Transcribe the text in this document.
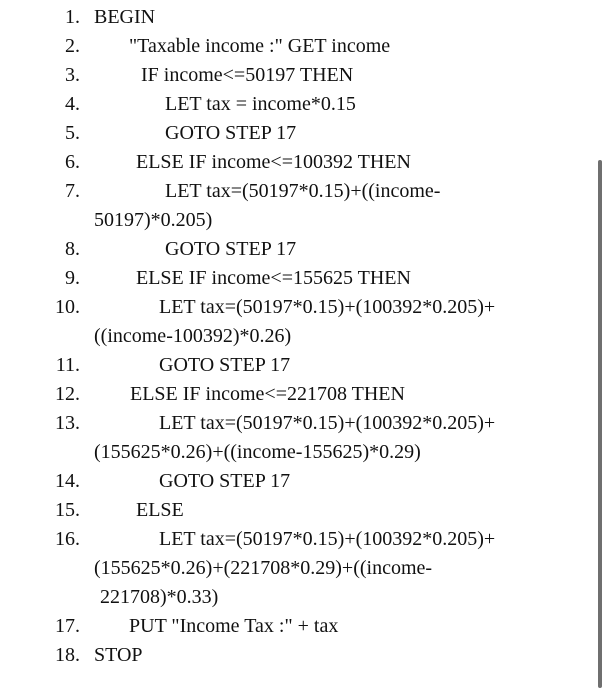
1. BEGIN

2. "Taxable income :" GET income

3.	IF income<=50197 THEN

4.	LET tax = income*0.15

5.	GOTO STEP 17

6.	ELSE IF income<=100392 THEN

7.	LET tax=(50197*0.15)+((income-

50197)*0.205)

8.	GOTO STEP 17

9.	ELSE IF income<=155625 THEN

10.	LET tax=(50197*0.15)+(100392*0.205)+

((income-100392)*0.26)

11.	GOTO STEP 17

12.	ELSE IF income<=221708 THEN

13.	LET tax=(50197*0.15)+(100392*0.205)+

(155625*0.26)+((income-155625)*0.29)

14.	GOTO STEP 17

15.	ELSE

16.	LET tax=(50197*0.15)+(100392*0.205)+

(155625*0.26)+(221708*0.29)+((income-

221708)*0.33)

17. PUT "Income Tax :" + tax

18. STOP
